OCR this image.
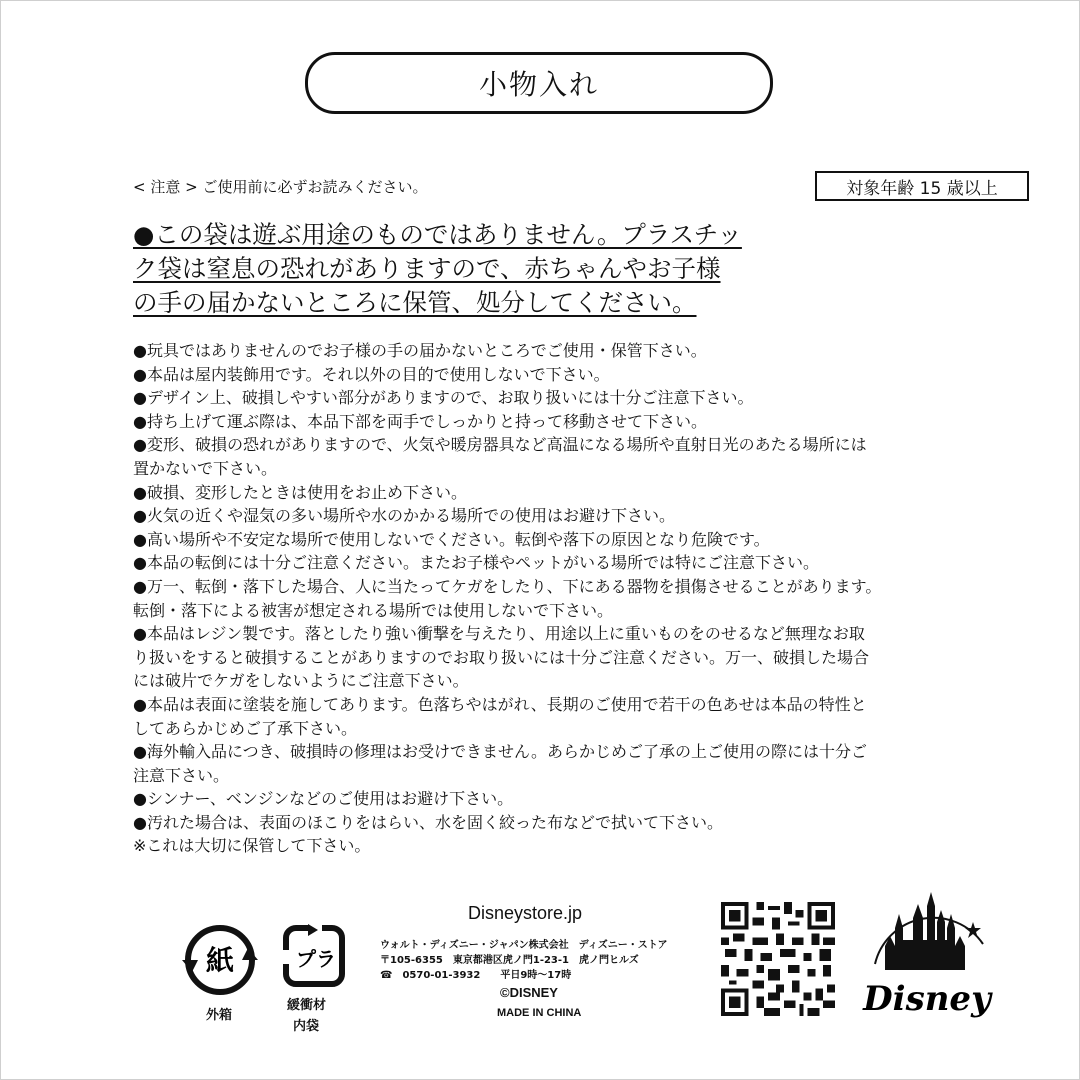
小物入れ
< 注意 > ご使用前に必ずお読みください。	対象年齢 15 歳以上
●この袋は遊ぶ用途のものではありません。プラスチッ
ク袋は窒息の恐れがありますので、赤ちゃんやお子様
の手の届かないところに保管、処分してください。
●玩具ではありませんのでお子様の手の届かないところでご使用・保管下さい。
●本品は屋内装飾用です。それ以外の目的で使用しないで下さい。
●デザイン上、破損しやすい部分がありますので、お取り扱いには十分ご注意下さい。
●持ち上げて運ぶ際は、本品下部を両手でしっかりと持って移動させて下さい。
●変形、破損の恐れがありますので、火気や暖房器具など高温になる場所や直射日光のあたる場所には
置かないで下さい。
●破損、変形したときは使用をお止め下さい。
●火気の近くや湿気の多い場所や水のかかる場所での使用はお避け下さい。
●高い場所や不安定な場所で使用しないでください。転倒や落下の原因となり危険です。
●本品の転倒には十分ご注意ください。またお子様やペットがいる場所では特にご注意下さい。
●万一、転倒・落下した場合、人に当たってケガをしたり、下にある器物を損傷させることがあります。
転倒・落下による被害が想定される場所では使用しないで下さい。
●本品はレジン製です。落としたり強い衝撃を与えたり、用途以上に重いものをのせるなど無理なお取
り扱いをすると破損することがありますのでお取り扱いには十分ご注意ください。万一、破損した場合
には破片でケガをしないようにご注意下さい。
●本品は表面に塗装を施してあります。色落ちやはがれ、長期のご使用で若干の色あせは本品の特性と
してあらかじめご了承下さい。
●海外輸入品につき、破損時の修理はお受けできません。あらかじめご了承の上ご使用の際には十分ご
注意下さい。
●シンナー、ベンジンなどのご使用はお避け下さい。
●汚れた場合は、表面のほこりをはらい、水を固く絞った布などで拭いて下さい。
※これは大切に保管して下さい。
紙
外箱
プラ
緩衝材
内袋
Disneystore.jp
ウォルト・ディズニー・ジャパン株式会社　ディズニー・ストア
〒105-6355　東京都港区虎ノ門1-23-1　虎ノ門ヒルズ
☎　0570-01-3932　　平日9時～17時
©DISNEY
MADE IN CHINA	Disney
